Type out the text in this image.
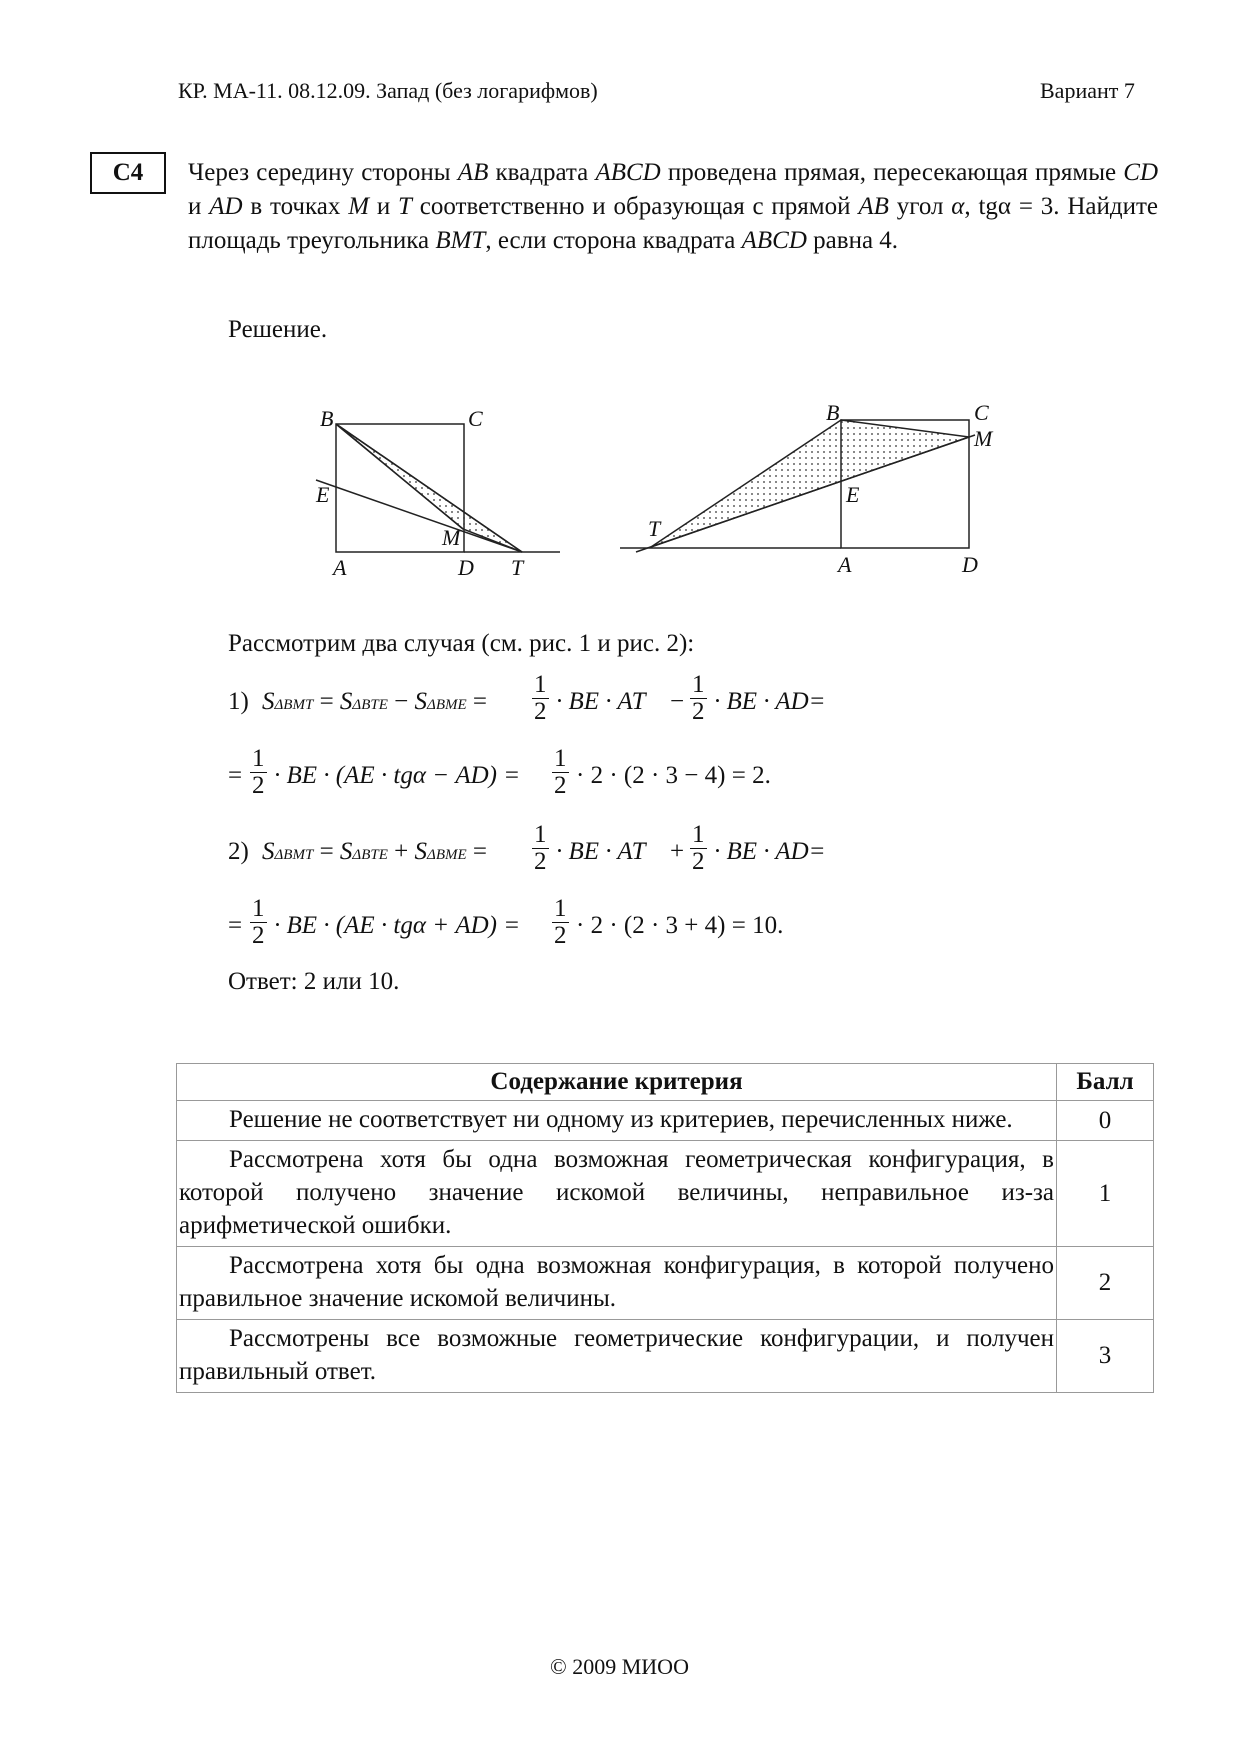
КР. МА-11. 08.12.09. Запад (без логарифмов)	Вариант 7
C4	Через серединy стороны AB квадрата ABCD проведена прямая, пересекающая прямые CD и AD в точках M и T соответственно и образующая с прямой AB угол α, tgα = 3. Найдите площадь треугольника BMT, если сторона квадрата ABCD равна 4.
Решение.
B	C
E
M
A	D T
B	C
M
E
T
A	D
Рассмотрим два случая (см. рис. 1 и рис. 2):
1) $S\Delta BMT = S\Delta BTE - S\Delta BME = \frac{1}{2}$ · BE · AT − $\frac{1}{2}$ · BE · AD=
= $\frac{1}{2}$ · BE · $(AE \cdot tg\alpha - AD) = \frac{1}{2} \cdot 2 \cdot (2 \cdot 3 - 4) = 2$.
2) $S\Delta BMT = S\Delta BTE + S\Delta BME = \frac{1}{2}$ · BE · AT + $\frac{1}{2}$ · BE · AD=
= $\frac{1}{2}$ · BE · $(AE \cdot tg\alpha + AD) = \frac{1}{2} \cdot 2 \cdot (2 \cdot 3 + 4) = 10$.
Ответ: 2 или 10.
Содержание критерия	Балл
Решение не соответствует ни одному из критериев, перечисленных ниже.	0
Рассмотрена хотя бы одна возможная геометрическая конфигурация, в которой получено значение искомой величины, неправильное из-за арифметической ошибки.	1
Рассмотрена хотя бы одна возможная конфигурация, в которой получено правильное значение искомой величины.	2
Рассмотрены все возможные геометрические конфигурации, и получен правильный ответ.	3
© 2009 МИОО
